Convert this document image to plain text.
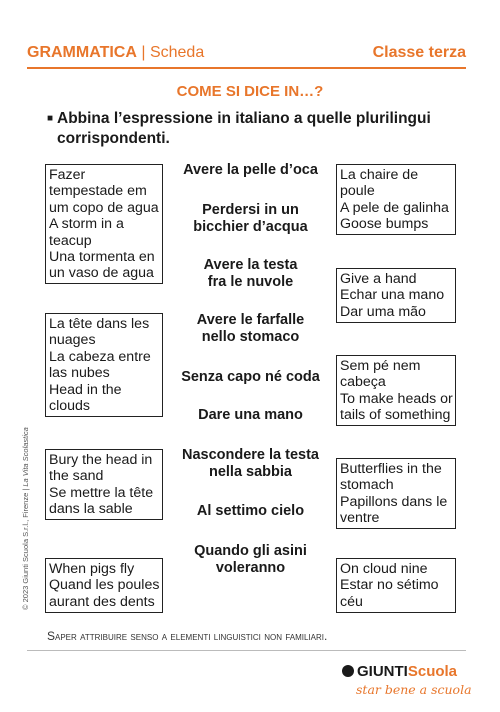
GRAMMATICA | Scheda	Classe terza
COME SI DICE IN…?
■ Abbina l’espressione in italiano a quelle plurilingui corrispondenti.
Fazer
tempestade em
um copo de agua
A storm in a
teacup
Una tormenta en
un vaso de agua
La tête dans les
nuages
La cabeza entre
las nubes
Head in the
clouds
Bury the head in
the sand
Se mettre la tête
dans la sable
When pigs fly
Quand les poules
aurant des dents
Avere la pelle d’oca
Perdersi in un
bicchier d’acqua
Avere la testa
fra le nuvole
Avere le farfalle
nello stomaco
Senza capo né coda
Dare una mano
Nascondere la testa
nella sabbia
Al settimo cielo
Quando gli asini
voleranno
La chaire de
poule
A pele de galinha
Goose bumps
Give a hand
Echar una mano
Dar uma mão
Sem pé nem
cabeça
To make heads or
tails of something
Butterflies in the
stomach
Papillons dans le
ventre
On cloud nine
Estar no sétimo
céu
Saper attribuire senso a elementi linguistici non familiari.
© 2023 Giunti Scuola S.r.l., Firenze | La Vita Scolastica
GIUNTIScuola
star bene a scuola
